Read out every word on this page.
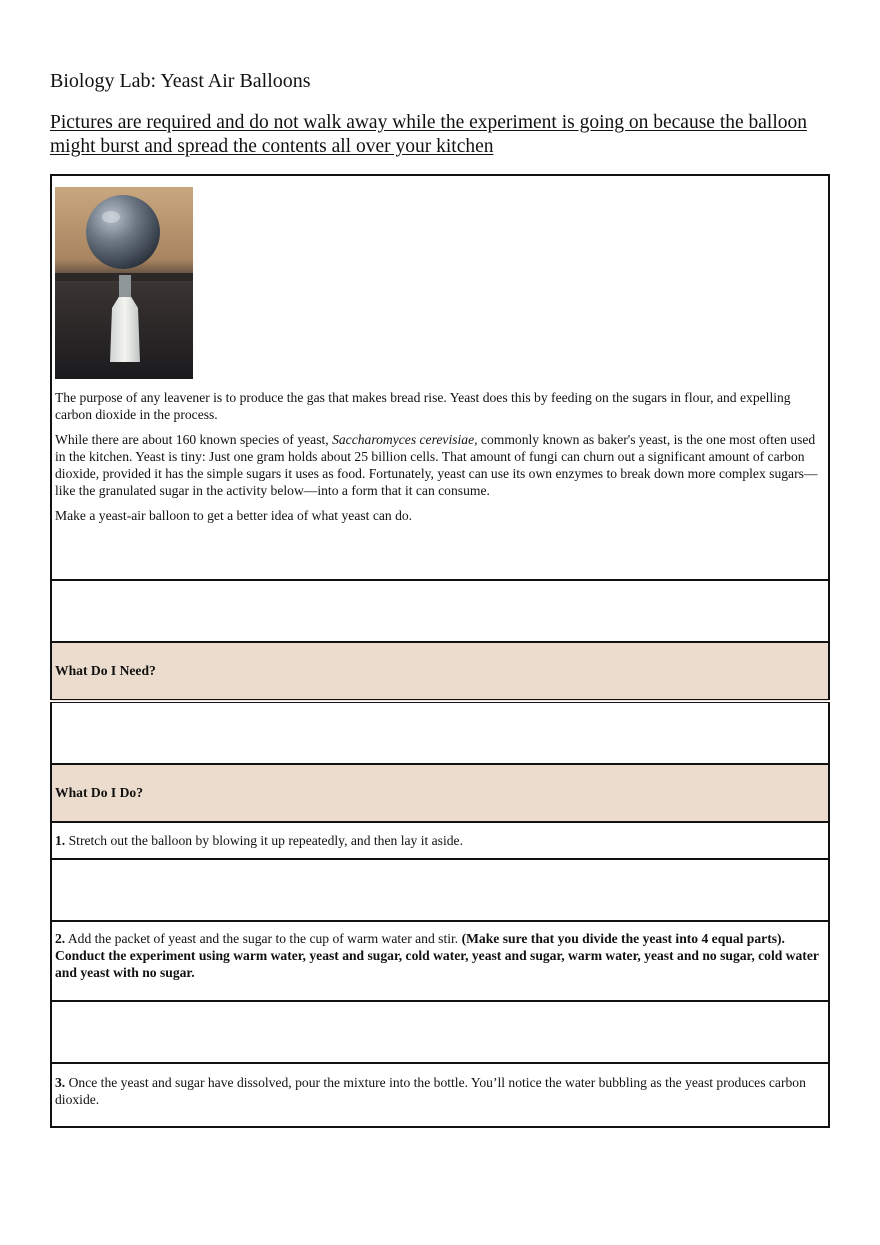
Biology Lab: Yeast Air Balloons

Pictures are required and do not walk away while the experiment is going on because the balloon might burst and spread the contents all over your kitchen

The purpose of any leavener is to produce the gas that makes bread rise. Yeast does this by feeding on the sugars in flour, and expelling carbon dioxide in the process.

While there are about 160 known species of yeast, Saccharomyces cerevisiae, commonly known as baker's yeast, is the one most often used in the kitchen. Yeast is tiny: Just one gram holds about 25 billion cells. That amount of fungi can churn out a significant amount of carbon dioxide, provided it has the simple sugars it uses as food. Fortunately, yeast can use its own enzymes to break down more complex sugars—like the granulated sugar in the activity below—into a form that it can consume.

Make a yeast-air balloon to get a better idea of what yeast can do.

What Do I Need?

What Do I Do?
1. Stretch out the balloon by blowing it up repeatedly, and then lay it aside.

2. Add the packet of yeast and the sugar to the cup of warm water and stir. (Make sure that you divide the yeast into 4 equal parts). Conduct the experiment using warm water, yeast and sugar, cold water, yeast and sugar, warm water, yeast and no sugar, cold water and yeast with no sugar.

3. Once the yeast and sugar have dissolved, pour the mixture into the bottle. You’ll notice the water bubbling as the yeast produces carbon dioxide.
